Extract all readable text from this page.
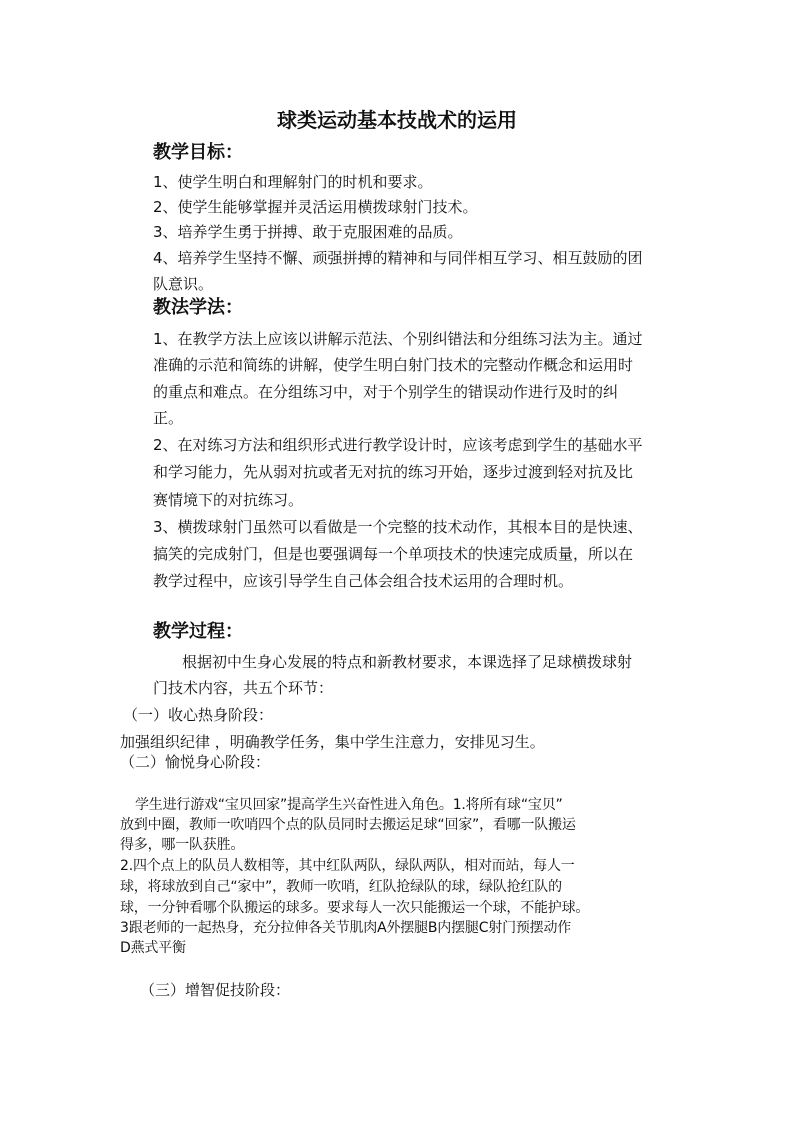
球类运动基本技战术的运用
教学目标：
1、使学生明白和理解射门的时机和要求。
2、使学生能够掌握并灵活运用横拨球射门技术。
3、培养学生勇于拼搏、敢于克服困难的品质。
4、培养学生坚持不懈、顽强拼搏的精神和与同伴相互学习、相互鼓励的团
队意识。
教法学法：
1、在教学方法上应该以讲解示范法、个别纠错法和分组练习法为主。通过
准确的示范和简练的讲解，使学生明白射门技术的完整动作概念和运用时
的重点和难点。在分组练习中，对于个别学生的错误动作进行及时的纠
正。
2、在对练习方法和组织形式进行教学设计时，应该考虑到学生的基础水平
和学习能力，先从弱对抗或者无对抗的练习开始，逐步过渡到轻对抗及比
赛情境下的对抗练习。
3、横拨球射门虽然可以看做是一个完整的技术动作，其根本目的是快速、
搞笑的完成射门，但是也要强调每一个单项技术的快速完成质量，所以在
教学过程中，应该引导学生自己体会组合技术运用的合理时机。
教学过程：
根据初中生身心发展的特点和新教材要求，本课选择了足球横拨球射
门技术内容，共五个环节：
（一）收心热身阶段：
加强组织纪律 ，明确教学任务，集中学生注意力，安排见习生。
（二）愉悦身心阶段：
学生进行游戏“宝贝回家”提高学生兴奋性进入角色。1.将所有球“宝贝”
放到中圈，教师一吹哨四个点的队员同时去搬运足球“回家”，看哪一队搬运
得多，哪一队获胜。
2.四个点上的队员人数相等，其中红队两队，绿队两队，相对而站，每人一
球，将球放到自己“家中”，教师一吹哨，红队抢绿队的球，绿队抢红队的
球，一分钟看哪个队搬运的球多。要求每人一次只能搬运一个球，不能护球。
3跟老师的一起热身，充分拉伸各关节肌肉A外摆腿B内摆腿C射门预摆动作
D燕式平衡
（三）增智促技阶段：
